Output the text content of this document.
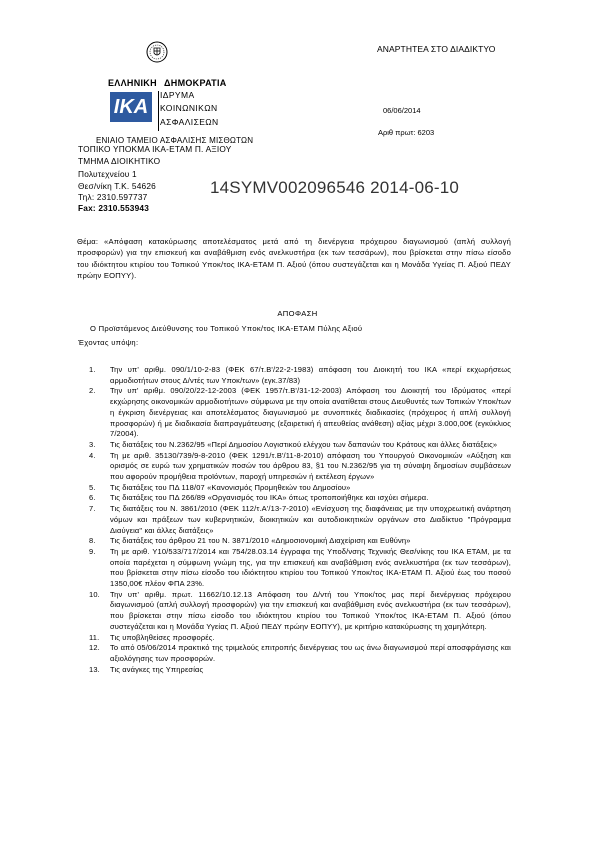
ΑΝΑΡΤΗΤΕΑ ΣΤΟ ΔΙΑΔΙΚΤΥΟ
ΕΛΛΗΝΙΚΗ ΔΗΜΟΚΡΑΤΙΑ
ΙΚΑ
ΙΔΡΥΜΑ
ΚΟΙΝΩΝΙΚΩΝ
ΑΣΦΑΛΙΣΕΩΝ
ΕΝΙΑΙΟ ΤΑΜΕΙΟ ΑΣΦΑΛΙΣΗΣ ΜΙΣΘΩΤΩΝ
ΤΟΠΙΚΟ ΥΠΟΚΜΑ ΙΚΑ-ΕΤΑΜ Π. ΑΞΙΟΥ
ΤΜΗΜΑ ΔΙΟΙΚΗΤΙΚΟ
Πολυτεχνείου 1
Θεσ/νίκη Τ.Κ. 54626
Τηλ: 2310.597737
Fax: 2310.553943
06/06/2014
Αριθ πρωτ: 6203
14SYMV002096546 2014-06-10
Θέμα: «Απόφαση κατακύρωσης αποτελέσματος μετά από τη διενέργεια πρόχειρου διαγωνισμού (απλή συλλογή προσφορών) για την επισκευή και αναβάθμιση ενός ανελκυστήρα (εκ των τεσσάρων), που βρίσκεται στην πίσω είσοδο του ιδιόκτητου κτιρίου του Τοπικού Υποκ/τος ΙΚΑ-ΕΤΑΜ Π. Αξιού (όπου συστεγάζεται και η Μονάδα Υγείας Π. Αξιού ΠΕΔΥ πρώην ΕΟΠΥΥ).
ΑΠΟΦΑΣΗ
Ο Προϊστάμενος Διεύθυνσης του Τοπικού Υποκ/τος ΙΚΑ-ΕΤΑΜ Πύλης Αξιού
Έχοντας υπόψη:
1. Την υπ' αριθμ. 090/1/10-2-83 (ΦΕΚ 67/τ.Β'/22-2-1983) απόφαση του Διοικητή του ΙΚΑ «περί εκχωρήσεως αρμοδιοτήτων στους Δ/ντές των Υποκ/των» (εγκ.37/83)
2. Την υπ' αριθμ. 090/20/22-12-2003 (ΦΕΚ 1957/τ.Β'/31-12-2003) Απόφαση του Διοικητή του Ιδρύματος «περί εκχώρησης οικονομικών αρμοδιοτήτων» σύμφωνα με την οποία ανατίθεται στους Διευθυντές των Τοπικών Υποκ/των η έγκριση διενέργειας και αποτελέσματος διαγωνισμού με συνοπτικές διαδικασίες (πρόχειρος ή απλή συλλογή προσφορών) ή με διαδικασία διαπραγμάτευσης (εξαιρετική ή απευθείας ανάθεση) αξίας μέχρι 3.000,00€ (εγκύκλιος 7/2004).
3. Τις διατάξεις του Ν.2362/95 «Περί Δημοσίου Λογιστικού ελέγχου των δαπανών του Κράτους και άλλες διατάξεις»
4. Τη με αριθ. 35130/739/9-8-2010 (ΦΕΚ 1291/τ.Β'/11-8-2010) απόφαση του Υπουργού Οικονομικών «Αύξηση και ορισμός σε ευρώ των χρηματικών ποσών του άρθρου 83, §1 του Ν.2362/95 για τη σύναψη δημοσίων συμβάσεων που αφορούν προμήθεια προϊόντων, παροχή υπηρεσιών ή εκτέλεση έργων»
5. Τις διατάξεις του ΠΔ 118/07 «Κανονισμός Προμηθειών του Δημοσίου»
6. Τις διατάξεις του ΠΔ 266/89 «Οργανισμός του ΙΚΑ» όπως τροποποιήθηκε και ισχύει σήμερα.
7. Τις διατάξεις του Ν. 3861/2010 (ΦΕΚ 112/τ.Α'/13-7-2010) «Ενίσχυση της διαφάνειας με την υποχρεωτική ανάρτηση νόμων και πράξεων των κυβερνητικών, διοικητικών και αυτοδιοικητικών οργάνων στο Διαδίκτυο "Πρόγραμμα Διαύγεια" και άλλες διατάξεις»
8. Τις διατάξεις του άρθρου 21 του Ν. 3871/2010 «Δημοσιονομική Διαχείριση και Ευθύνη»
9. Τη με αριθ. Υ10/533/717/2014 και 754/28.03.14 έγγραφα της Υποδ/νσης Τεχνικής Θεσ/νίκης του ΙΚΑ ΕΤΑΜ, με τα οποία παρέχεται η σύμφωνη γνώμη της, για την επισκευή και αναβάθμιση ενός ανελκυστήρα (εκ των τεσσάρων), που βρίσκεται στην πίσω είσοδο του ιδιόκτητου κτιρίου του Τοπικού Υποκ/τος ΙΚΑ-ΕΤΑΜ Π. Αξιού έως του ποσού 1350,00€ πλέον ΦΠΑ 23%.
10. Την υπ' αριθμ. πρωτ. 11662/10.12.13 Απόφαση του Δ/ντή του Υποκ/τος μας περί διενέργειας πρόχειρου διαγωνισμού (απλή συλλογή προσφορών) για την επισκευή και αναβάθμιση ενός ανελκυστήρα (εκ των τεσσάρων), που βρίσκεται στην πίσω είσοδο του ιδιόκτητου κτιρίου του Τοπικού Υποκ/τος ΙΚΑ-ΕΤΑΜ Π. Αξιού (όπου συστεγάζεται και η Μονάδα Υγείας Π. Αξιού ΠΕΔΥ πρώην ΕΟΠΥΥ), με κριτήριο κατακύρωσης τη χαμηλότερη.
11. Τις υποβληθείσες προσφορές.
12. Το από 05/06/2014 πρακτικό της τριμελούς επιτροπής διενέργειας του ως άνω διαγωνισμού περί αποσφράγισης και αξιολόγησης των προσφορών.
13. Τις ανάγκες της Υπηρεσίας
